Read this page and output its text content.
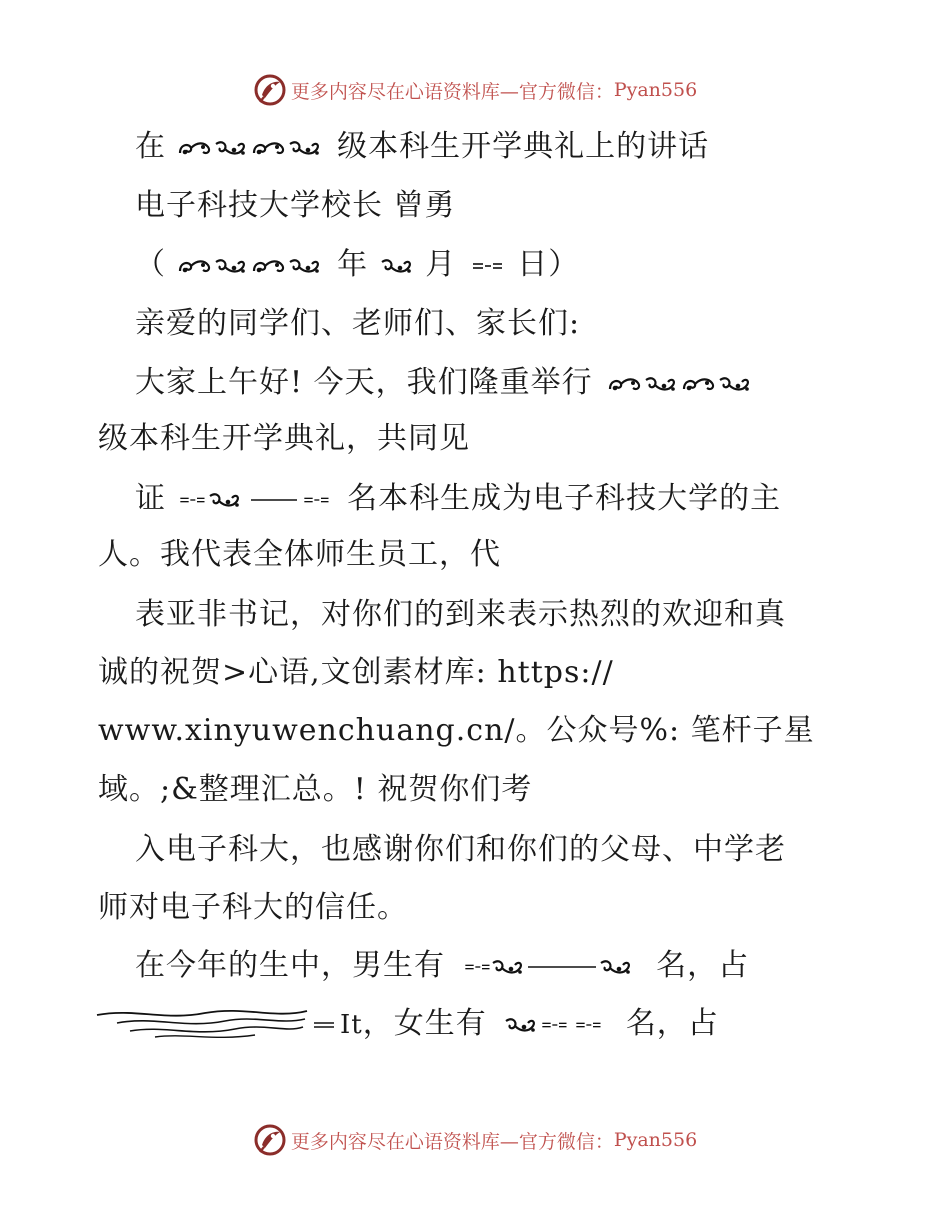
更多内容尽在心语资料库—官方微信： Pyan556
在	级本科生开学典礼上的讲话
电子科技大学校长 曾勇
（	年 月 日）
亲爱的同学们、老师们、家长们:
大家上午好! 今天，我们隆重举行
级本科生开学典礼，共同见
证	名本科生成为电子科技大学的主
人。我代表全体师生员工，代
表亚非书记，对你们的到来表示热烈的欢迎和真
诚的祝贺>心语,文创素材库: https://
www.xinyuwenchuang.cn/。公众号%: 笔杆子星
域。;&整理汇总。! 祝贺你们考
入电子科大，也感谢你们和你们的父母、中学老
师对电子科大的信任。
在今年的生中，男生有	名，占
It，女生有	名，占
更多内容尽在心语资料库—官方微信： Pyan556
